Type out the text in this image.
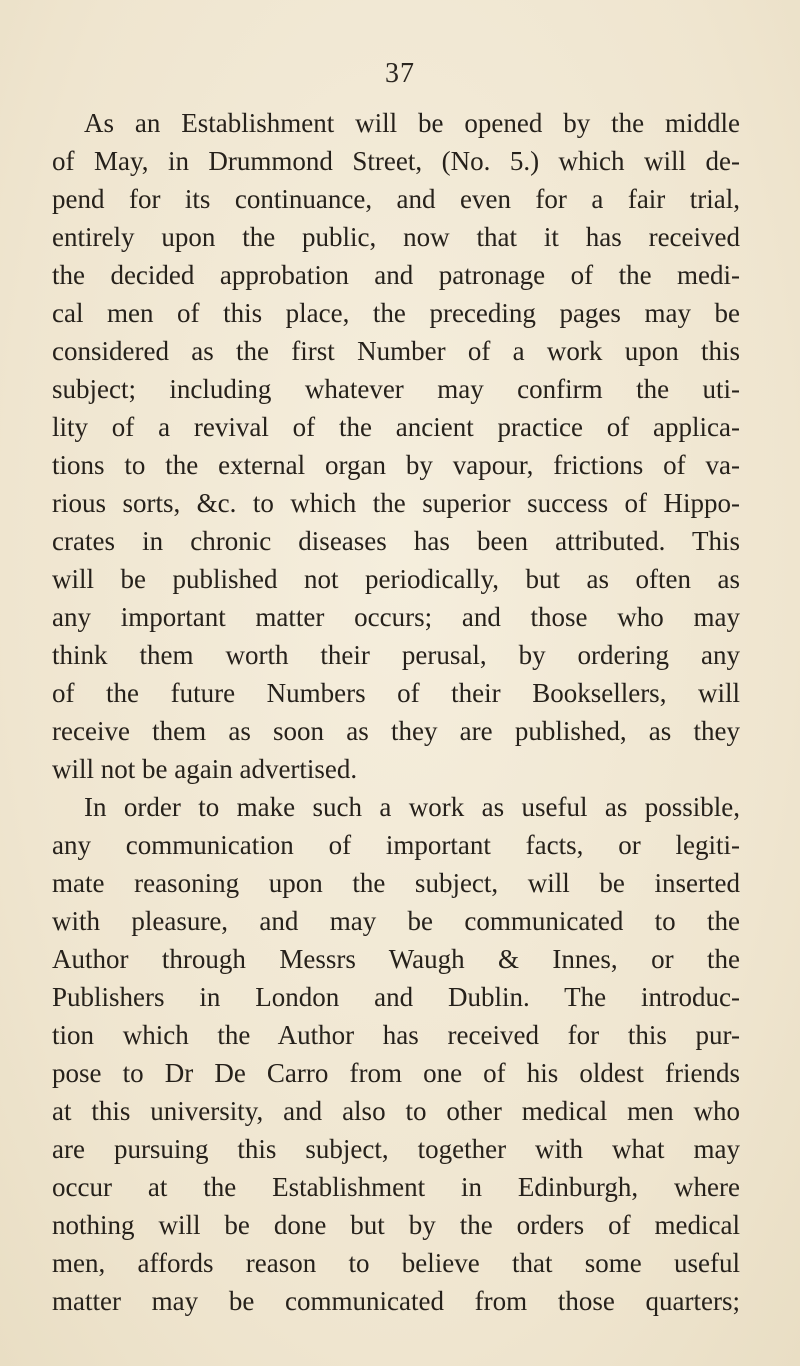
37
As an Establishment will be opened by the middle
of May, in Drummond Street, (No. 5.) which will de-
pend for its continuance, and even for a fair trial,
entirely upon the public, now that it has received
the decided approbation and patronage of the medi-
cal men of this place, the preceding pages may be
considered as the first Number of a work upon this
subject; including whatever may confirm the uti-
lity of a revival of the ancient practice of applica-
tions to the external organ by vapour, frictions of va-
rious sorts, &c. to which the superior success of Hippo-
crates in chronic diseases has been attributed. This
will be published not periodically, but as often as
any important matter occurs; and those who may
think them worth their perusal, by ordering any
of the future Numbers of their Booksellers, will
receive them as soon as they are published, as they
will not be again advertised.
In order to make such a work as useful as possible,
any communication of important facts, or legiti-
mate reasoning upon the subject, will be inserted
with pleasure, and may be communicated to the
Author through Messrs Waugh & Innes, or the
Publishers in London and Dublin. The introduc-
tion which the Author has received for this pur-
pose to Dr De Carro from one of his oldest friends
at this university, and also to other medical men who
are pursuing this subject, together with what may
occur at the Establishment in Edinburgh, where
nothing will be done but by the orders of medical
men, affords reason to believe that some useful
matter may be communicated from those quarters;
